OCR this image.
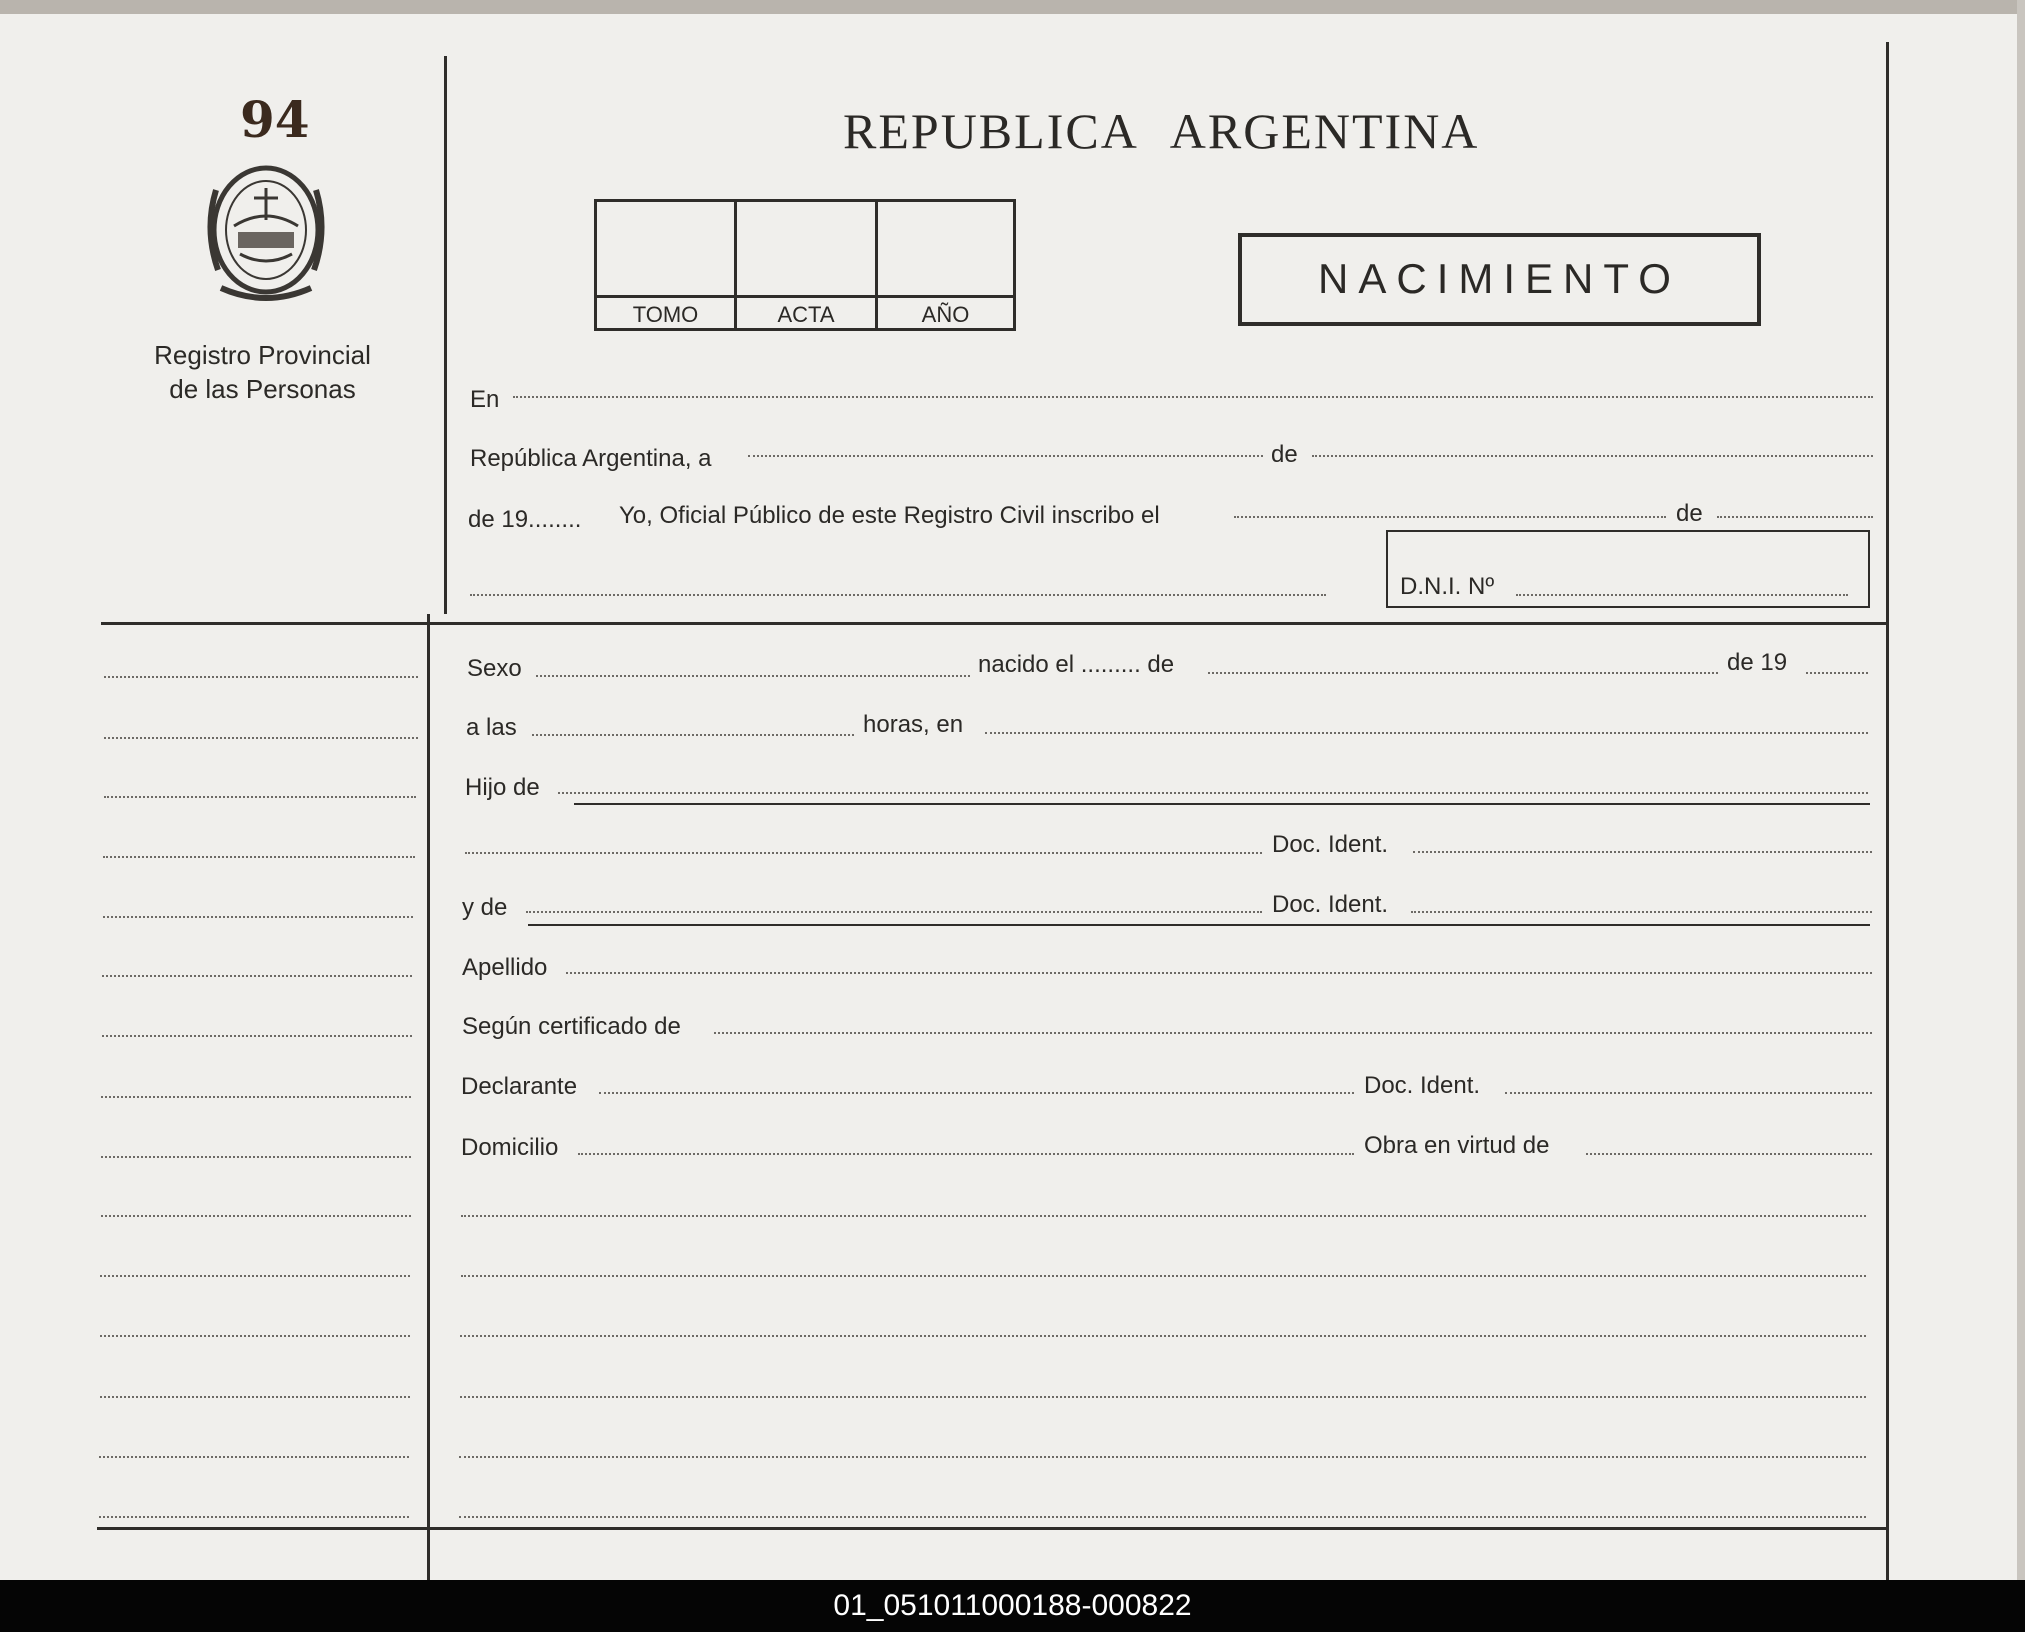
94
Registro Provincial
de las Personas
REPUBLICA ARGENTINA
TOMO	ACTA	AÑO
NACIMIENTO
En
República Argentina, a	de
de 19........ Yo, Oficial Público de este Registro Civil inscribo el	de
D.N.I. Nº
Sexo	nacido el ......... de	de 19
a las	horas, en
Hijo de
Doc. Ident.
y de	Doc. Ident.
Apellido
Según certificado de
Declarante	Doc. Ident.
Domicilio	Obra en virtud de
01_051011000188-000822
